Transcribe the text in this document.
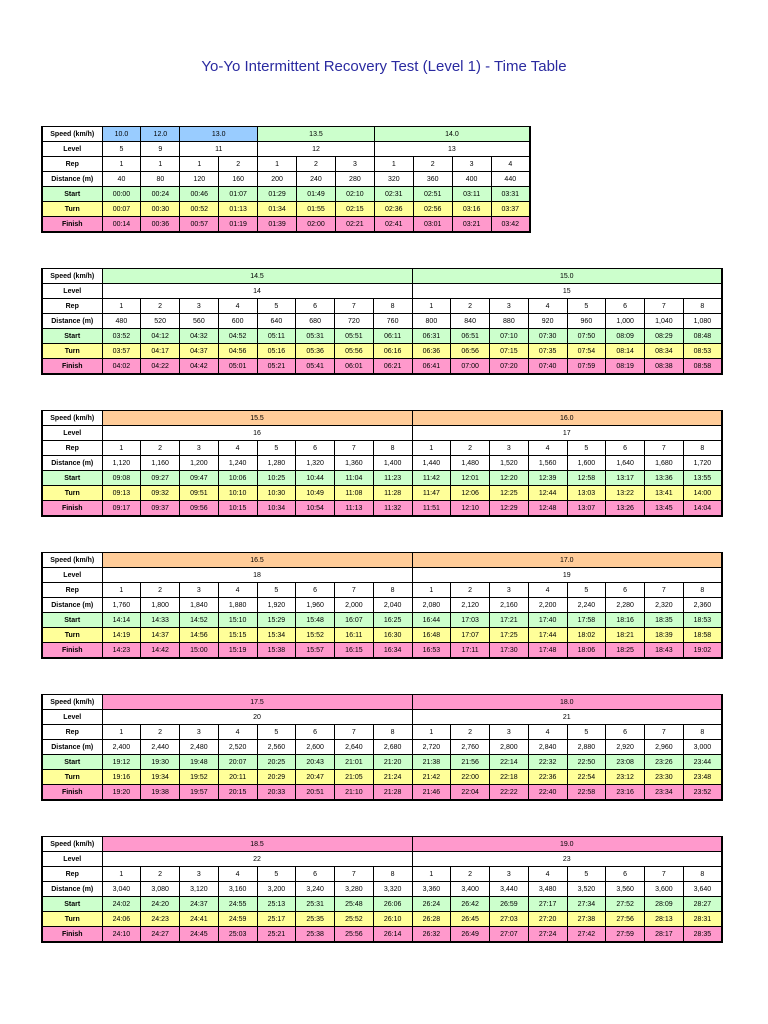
Yo-Yo Intermittent Recovery Test (Level 1) - Time Table
Speed (km/h)	10.0	12.0	13.0		13.5			14.0			
Level	5	9	11		12			13			
Rep	1	1	1	2	1	2	3	1	2	3	4
Distance (m)	40	80	120	160	200	240	280	320	360	400	440
Start	00:00	00:24	00:46	01:07	01:29	01:49	02:10	02:31	02:51	03:11	03:31
Turn	00:07	00:30	00:52	01:13	01:34	01:55	02:15	02:36	02:56	03:16	03:37
Finish	00:14	00:36	00:57	01:19	01:39	02:00	02:21	02:41	03:01	03:21	03:42
Speed (km/h)	14.5								15.0							
Level	14								15							
Rep	1	2	3	4	5	6	7	8	1	2	3	4	5	6	7	8
Distance (m)	480	520	560	600	640	680	720	760	800	840	880	920	960	1,000	1,040	1,080
Start	03:52	04:12	04:32	04:52	05:11	05:31	05:51	06:11	06:31	06:51	07:10	07:30	07:50	08:09	08:29	08:48
Turn	03:57	04:17	04:37	04:56	05:16	05:36	05:56	06:16	06:36	06:56	07:15	07:35	07:54	08:14	08:34	08:53
Finish	04:02	04:22	04:42	05:01	05:21	05:41	06:01	06:21	06:41	07:00	07:20	07:40	07:59	08:19	08:38	08:58
Speed (km/h)	15.5								16.0							
Level	16								17							
Rep	1	2	3	4	5	6	7	8	1	2	3	4	5	6	7	8
Distance (m)	1,120	1,160	1,200	1,240	1,280	1,320	1,360	1,400	1,440	1,480	1,520	1,560	1,600	1,640	1,680	1,720
Start	09:08	09:27	09:47	10:06	10:25	10:44	11:04	11:23	11:42	12:01	12:20	12:39	12:58	13:17	13:36	13:55
Turn	09:13	09:32	09:51	10:10	10:30	10:49	11:08	11:28	11:47	12:06	12:25	12:44	13:03	13:22	13:41	14:00
Finish	09:17	09:37	09:56	10:15	10:34	10:54	11:13	11:32	11:51	12:10	12:29	12:48	13:07	13:26	13:45	14:04
Speed (km/h)	16.5								17.0							
Level	18								19							
Rep	1	2	3	4	5	6	7	8	1	2	3	4	5	6	7	8
Distance (m)	1,760	1,800	1,840	1,880	1,920	1,960	2,000	2,040	2,080	2,120	2,160	2,200	2,240	2,280	2,320	2,360
Start	14:14	14:33	14:52	15:10	15:29	15:48	16:07	16:25	16:44	17:03	17:21	17:40	17:58	18:16	18:35	18:53
Turn	14:19	14:37	14:56	15:15	15:34	15:52	16:11	16:30	16:48	17:07	17:25	17:44	18:02	18:21	18:39	18:58
Finish	14:23	14:42	15:00	15:19	15:38	15:57	16:15	16:34	16:53	17:11	17:30	17:48	18:06	18:25	18:43	19:02
Speed (km/h)	17.5								18.0							
Level	20								21							
Rep	1	2	3	4	5	6	7	8	1	2	3	4	5	6	7	8
Distance (m)	2,400	2,440	2,480	2,520	2,560	2,600	2,640	2,680	2,720	2,760	2,800	2,840	2,880	2,920	2,960	3,000
Start	19:12	19:30	19:48	20:07	20:25	20:43	21:01	21:20	21:38	21:56	22:14	22:32	22:50	23:08	23:26	23:44
Turn	19:16	19:34	19:52	20:11	20:29	20:47	21:05	21:24	21:42	22:00	22:18	22:36	22:54	23:12	23:30	23:48
Finish	19:20	19:38	19:57	20:15	20:33	20:51	21:10	21:28	21:46	22:04	22:22	22:40	22:58	23:16	23:34	23:52
Speed (km/h)	18.5								19.0							
Level	22								23							
Rep	1	2	3	4	5	6	7	8	1	2	3	4	5	6	7	8
Distance (m)	3,040	3,080	3,120	3,160	3,200	3,240	3,280	3,320	3,360	3,400	3,440	3,480	3,520	3,560	3,600	3,640
Start	24:02	24:20	24:37	24:55	25:13	25:31	25:48	26:06	26:24	26:42	26:59	27:17	27:34	27:52	28:09	28:27
Turn	24:06	24:23	24:41	24:59	25:17	25:35	25:52	26:10	26:28	26:45	27:03	27:20	27:38	27:56	28:13	28:31
Finish	24:10	24:27	24:45	25:03	25:21	25:38	25:56	26:14	26:32	26:49	27:07	27:24	27:42	27:59	28:17	28:35
